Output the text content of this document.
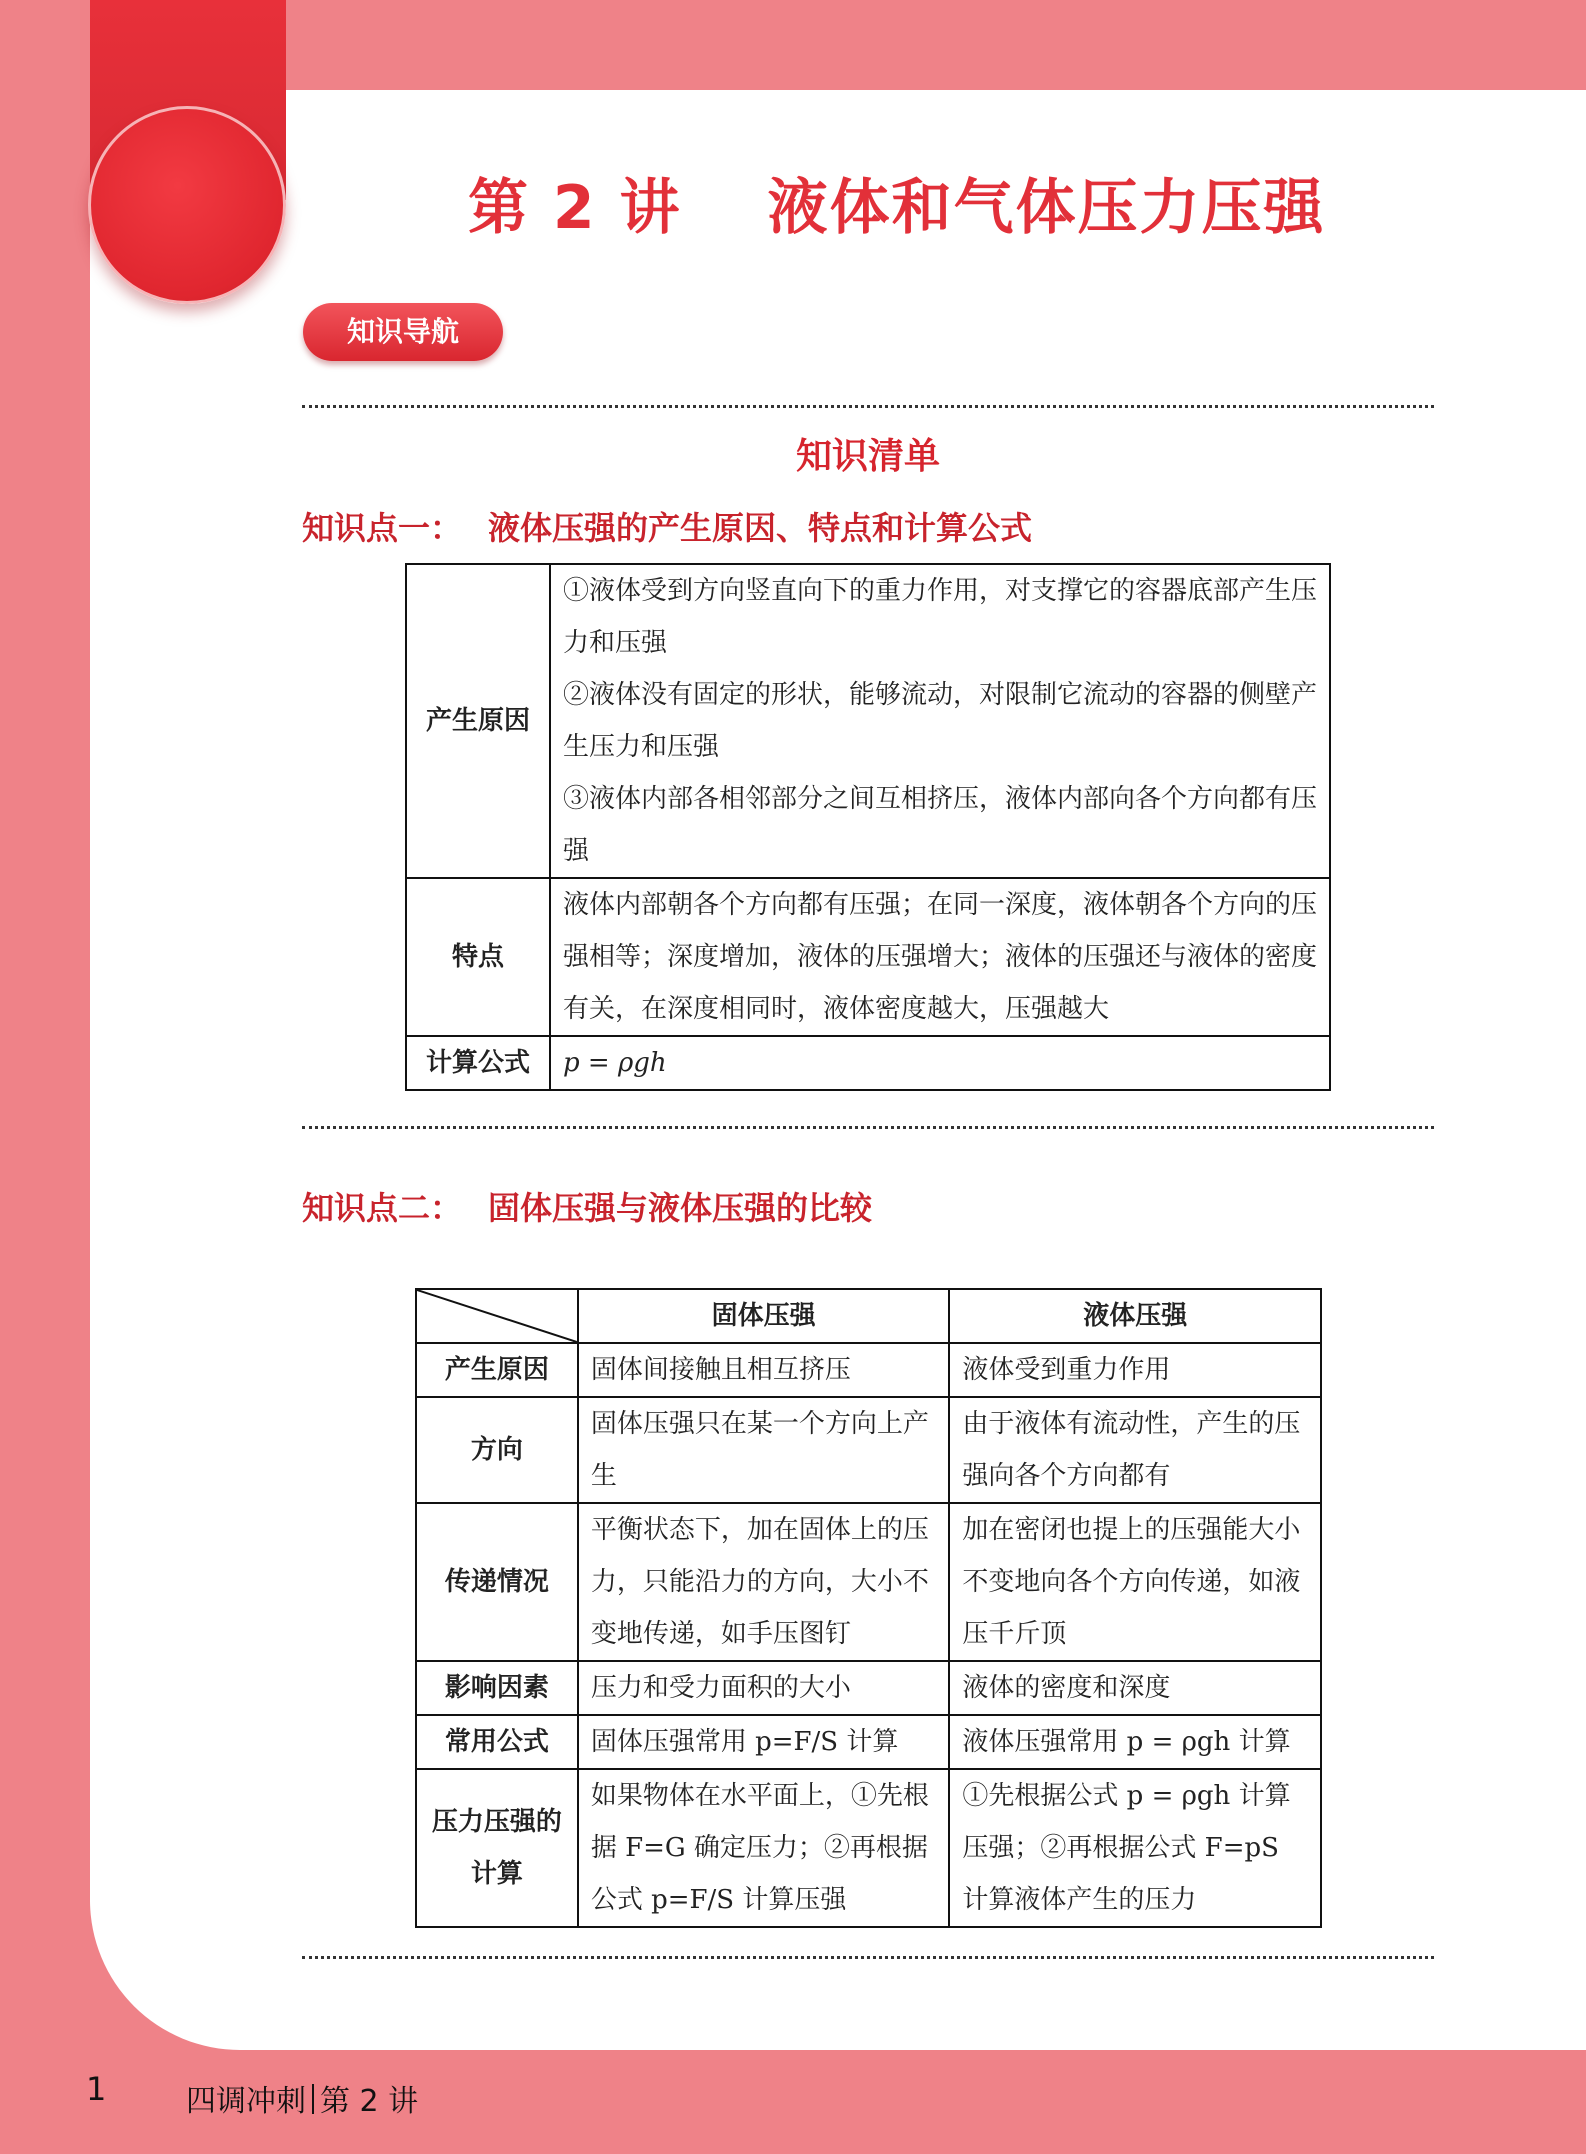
第 2 讲 液体和气体压力压强
知识导航
知识清单
知识点一： 液体压强的产生原因、特点和计算公式
产生原因	①液体受到方向竖直向下的重力作用，对支撑它的容器底部产生压力和压强
②液体没有固定的形状，能够流动，对限制它流动的容器的侧壁产生压力和压强
③液体内部各相邻部分之间互相挤压，液体内部向各个方向都有压强

特点	液体内部朝各个方向都有压强；在同一深度，液体朝各个方向的压强相等；深度增加，液体的压强增大；液体的压强还与液体的密度有关，在深度相同时，液体密度越大，压强越大
计算公式	p = ρgh
知识点二： 固体压强与液体压强的比较
	固体压强	液体压强
产生原因	固体间接触且相互挤压	液体受到重力作用
方向	固体压强只在某一个方向上产生	由于液体有流动性，产生的压强向各个方向都有
传递情况	平衡状态下，加在固体上的压力，只能沿力的方向，大小不变地传递，如手压图钉	加在密闭也提上的压强能大小不变地向各个方向传递，如液压千斤顶
影响因素	压力和受力面积的大小	液体的密度和深度
常用公式	固体压强常用 p=F/S 计算	液体压强常用 p = ρgh 计算
压力压强的计算	如果物体在水平面上，①先根据 F=G 确定压力；②再根据公式 p=F/S 计算压强	①先根据公式 p = ρgh 计算压强；②再根据公式 F=pS 计算液体产生的压力

1	四调冲刺 第 2 讲
